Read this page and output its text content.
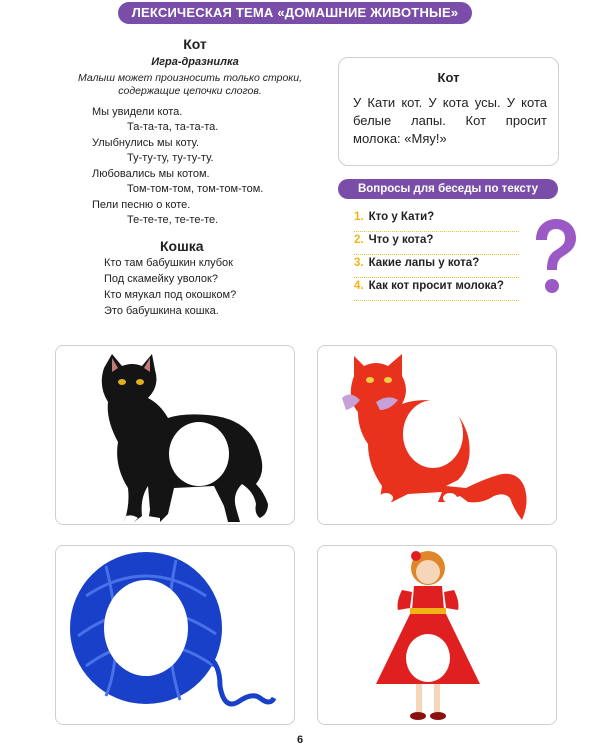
ЛЕКСИЧЕСКАЯ ТЕМА «ДОМАШНИЕ ЖИВОТНЫЕ»
Кот
Игра-дразнилка
Малыш может произносить только строки, содержащие цепочки слогов.
Мы увидели кота.
Та-та-та, та-та-та.
Улыбнулись мы коту.
Ту-ту-ту, ту-ту-ту.
Любовались мы котом.
Том-том-том, том-том-том.
Пели песню о коте.
Те-те-те, те-те-те.
Кошка
Кто там бабушкин клубок
Под скамейку уволок?
Кто мяукал под окошком?
Это бабушкина кошка.
Кот
У Кати кот. У кота усы. У кота белые лапы. Кот просит молока: «Мяу!»
Вопросы для беседы по тексту
1. Кто у Кати?
2. Что у кота?
3. Какие лапы у кота?
4. Как кот просит молока?
6
